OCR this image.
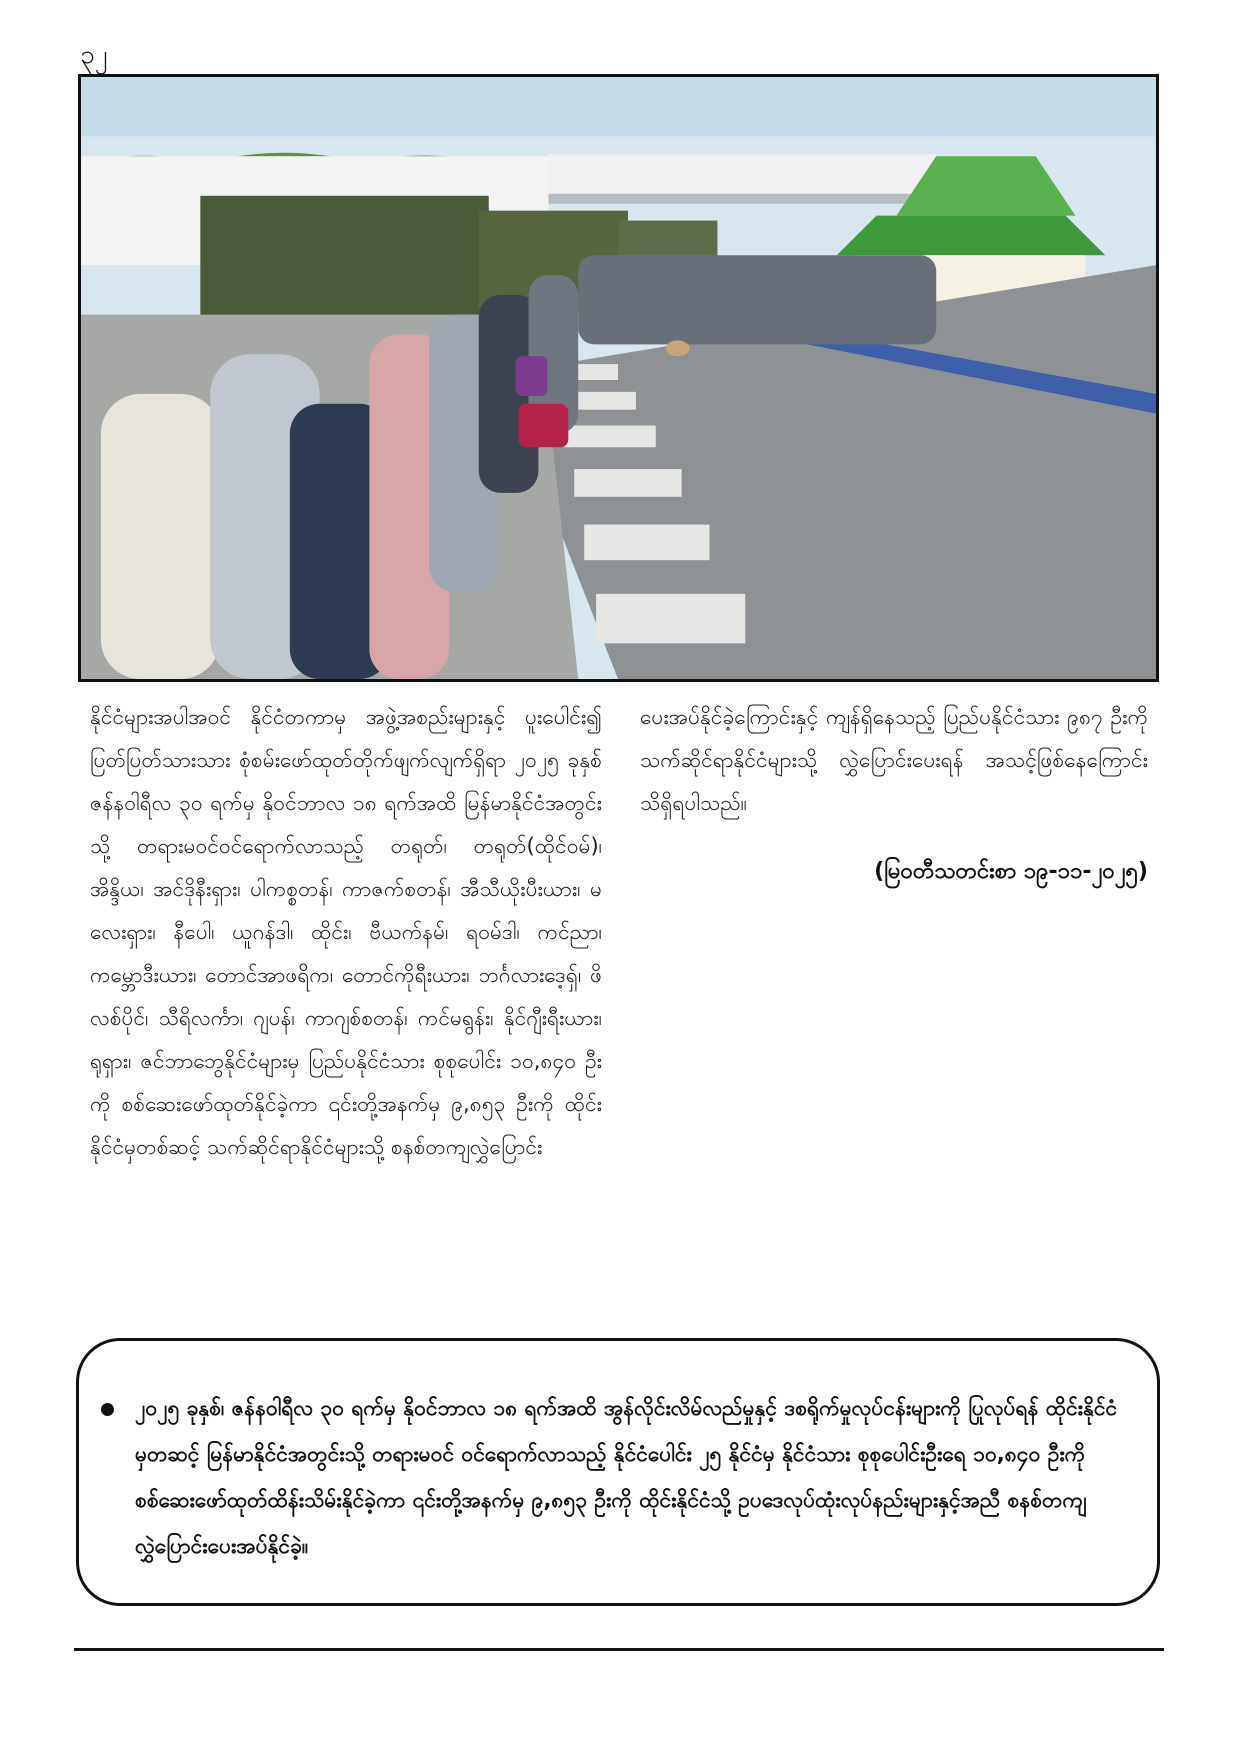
၃၂
နိုင်ငံများအပါအဝင် နိုင်ငံတကာမှ အဖွဲ့အစည်းများနှင့် ပူးပေါင်း၍ ပြတ်ပြတ်သားသား စုံစမ်းဖော်ထုတ်တိုက်ဖျက်လျက်ရှိရာ ၂၀၂၅ ခုနှစ် ဇန်နဝါရီလ ၃၀ ရက်မှ နိုဝင်ဘာလ ၁၈ ရက်အထိ မြန်မာနိုင်ငံအတွင်းသို့ တရားမဝင်ဝင်ရောက်လာသည့် တရုတ်၊ တရုတ်(ထိုင်ဝမ်)၊ အိန္ဒိယ၊ အင်ဒိုနီးရှား၊ ပါကစ္စတန်၊ ကာဇက်စတန်၊ အီသီယိုးပီးယား၊ မလေးရှား၊ နီပေါ၊ ယူဂန်ဒါ၊ ထိုင်း၊ ဗီယက်နမ်၊ ရဝမ်ဒါ၊ ကင်ညာ၊ ကမ္ဘောဒီးယား၊ တောင်အာဖရိက၊ တောင်ကိုရီးယား၊ ဘင်္ဂလားဒေ့ရှ်၊ ဖိလစ်ပိုင်၊ သီရိလင်္ကာ၊ ဂျပန်၊ ကာဂျစ်စတန်၊ ကင်မရွန်း၊ နိုင်ဂျီးရီးယား၊ ရုရှား၊ ဇင်ဘာဘွေနိုင်ငံများမှ ပြည်ပနိုင်ငံသား စုစုပေါင်း ၁၀,၈၄၀ ဦးကို စစ်ဆေးဖော်ထုတ်နိုင်ခဲ့ကာ ၎င်းတို့အနက်မှ ၉,၈၅၃ ဦးကို ထိုင်းနိုင်ငံမှတစ်ဆင့် သက်ဆိုင်ရာနိုင်ငံများသို့ စနစ်တကျလွှဲပြောင်း
ပေးအပ်နိုင်ခဲ့ကြောင်းနှင့် ကျန်ရှိနေသည့် ပြည်ပနိုင်ငံသား ၉၈၇ ဦးကို သက်ဆိုင်ရာနိုင်ငံများသို့ လွှဲပြောင်းပေးရန် အသင့်ဖြစ်နေကြောင်း သိရှိရပါသည်။
(မြဝတီသတင်းစာ ၁၉-၁၁-၂၀၂၅)
၂၀၂၅ ခုနှစ်၊ ဇန်နဝါရီလ ၃၀ ရက်မှ နိုဝင်ဘာလ ၁၈ ရက်အထိ အွန်လိုင်းလိမ်လည်မှုနှင့် ဒစရိုက်မှုလုပ်ငန်းများကို ပြုလုပ်ရန် ထိုင်းနိုင်ငံမှတဆင့် မြန်မာနိုင်ငံအတွင်းသို့ တရားမဝင် ဝင်ရောက်လာသည့် နိုင်ငံပေါင်း ၂၅ နိုင်ငံမှ နိုင်ငံသား စုစုပေါင်းဦးရေ ၁၀,၈၄၀ ဦးကို စစ်ဆေးဖော်ထုတ်ထိန်းသိမ်းနိုင်ခဲ့ကာ ၎င်းတို့အနက်မှ ၉,၈၅၃ ဦးကို ထိုင်းနိုင်ငံသို့ ဥပဒေလုပ်ထုံးလုပ်နည်းများနှင့်အညီ စနစ်တကျ လွှဲပြောင်းပေးအပ်နိုင်ခဲ့။
